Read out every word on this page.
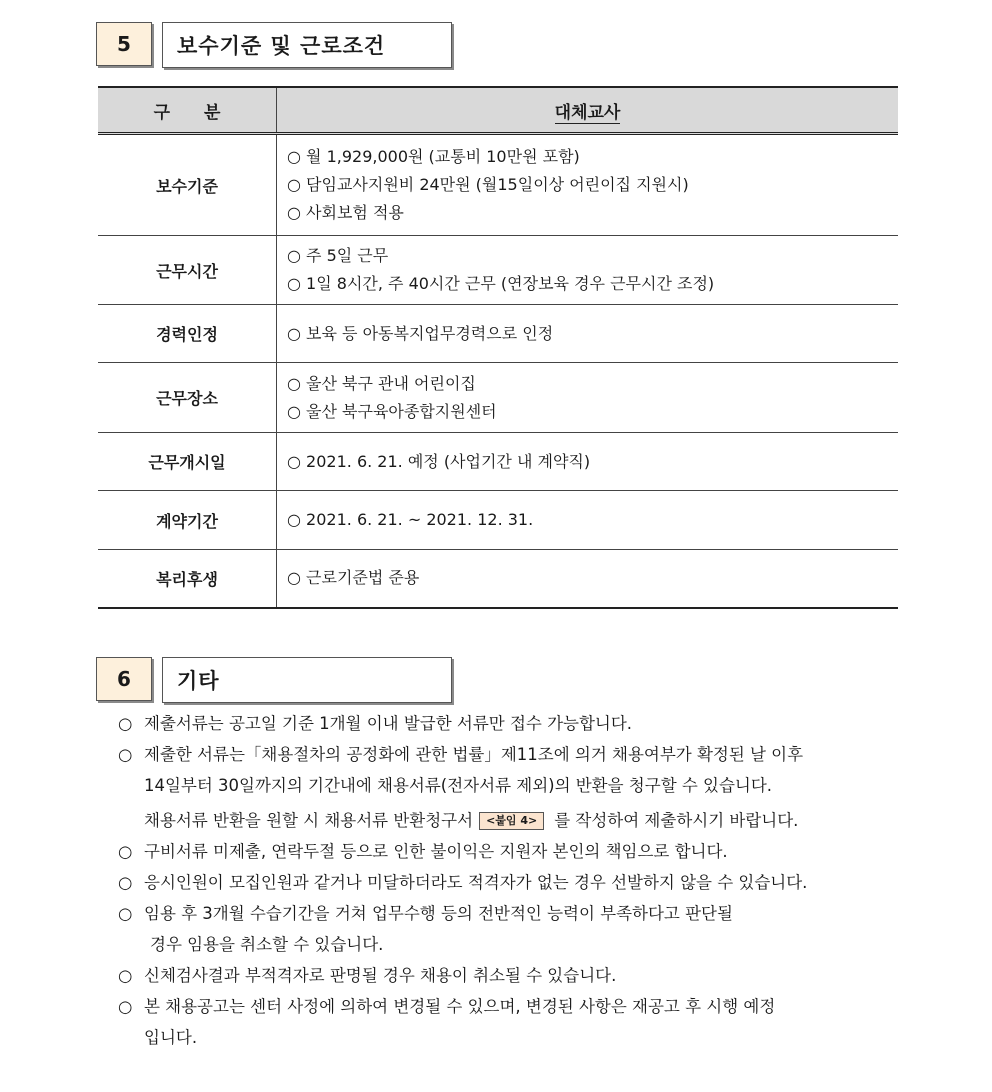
5	보수기준 및 근로조건
구 분	대체교사
보수기준	○ 월 1,929,000원 (교통비 10만원 포함)
○ 담임교사지원비 24만원 (월15일이상 어린이집 지원시)
○ 사회보험 적용

근무시간	○ 주 5일 근무
○ 1일 8시간, 주 40시간 근무 (연장보육 경우 근무시간 조정)

경력인정	○ 보육 등 아동복지업무경력으로 인정

근무장소	○ 울산 북구 관내 어린이집
○ 울산 북구육아종합지원센터

근무개시일	○ 2021. 6. 21. 예정 (사업기간 내 계약직)

계약기간	○ 2021. 6. 21. ~ 2021. 12. 31.

복리후생	○ 근로기준법 준용
6	기타
○ 제출서류는 공고일 기준 1개월 이내 발급한 서류만 접수 가능합니다.
○ 제출한 서류는「채용절차의 공정화에 관한 법률」제11조에 의거 채용여부가 확정된 날 이후
14일부터 30일까지의 기간내에 채용서류(전자서류 제외)의 반환을 청구할 수 있습니다.
채용서류 반환을 원할 시 채용서류 반환청구서 <붙임 4> 를 작성하여 제출하시기 바랍니다.
○ 구비서류 미제출, 연락두절 등으로 인한 불이익은 지원자 본인의 책임으로 합니다.
○ 응시인원이 모집인원과 같거나 미달하더라도 적격자가 없는 경우 선발하지 않을 수 있습니다.
○ 임용 후 3개월 수습기간을 거쳐 업무수행 등의 전반적인 능력이 부족하다고 판단될
경우 임용을 취소할 수 있습니다.
○ 신체검사결과 부적격자로 판명될 경우 채용이 취소될 수 있습니다.
○ 본 채용공고는 센터 사정에 의하여 변경될 수 있으며, 변경된 사항은 재공고 후 시행 예정
입니다.
